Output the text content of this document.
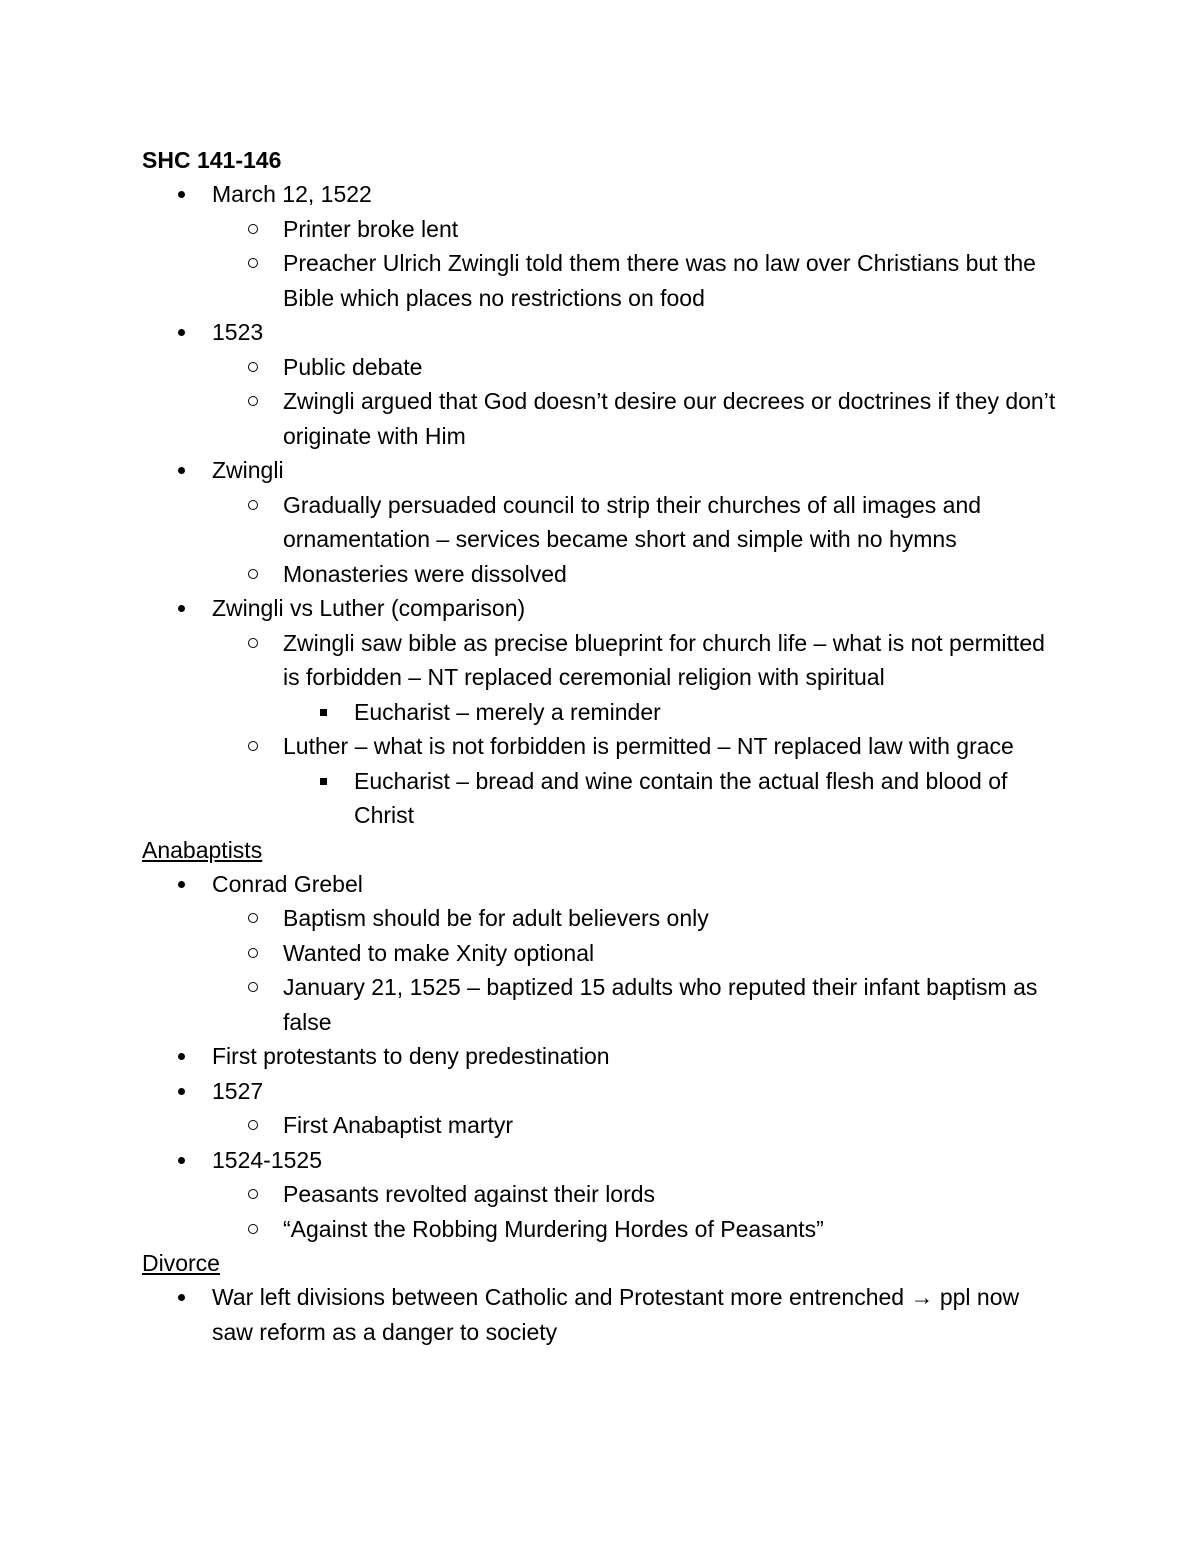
SHC 141-146
March 12, 1522
Printer broke lent
Preacher Ulrich Zwingli told them there was no law over Christians but the Bible which places no restrictions on food
1523
Public debate
Zwingli argued that God doesn’t desire our decrees or doctrines if they don’t originate with Him
Zwingli
Gradually persuaded council to strip their churches of all images and ornamentation – services became short and simple with no hymns
Monasteries were dissolved
Zwingli vs Luther (comparison)
Zwingli saw bible as precise blueprint for church life – what is not permitted is forbidden – NT replaced ceremonial religion with spiritual
Eucharist – merely a reminder
Luther – what is not forbidden is permitted – NT replaced law with grace
Eucharist – bread and wine contain the actual flesh and blood of Christ
Anabaptists
Conrad Grebel
Baptism should be for adult believers only
Wanted to make Xnity optional
January 21, 1525 – baptized 15 adults who reputed their infant baptism as false
First protestants to deny predestination
1527
First Anabaptist martyr
1524-1525
Peasants revolted against their lords
“Against the Robbing Murdering Hordes of Peasants”
Divorce
War left divisions between Catholic and Protestant more entrenched → ppl now saw reform as a danger to society
